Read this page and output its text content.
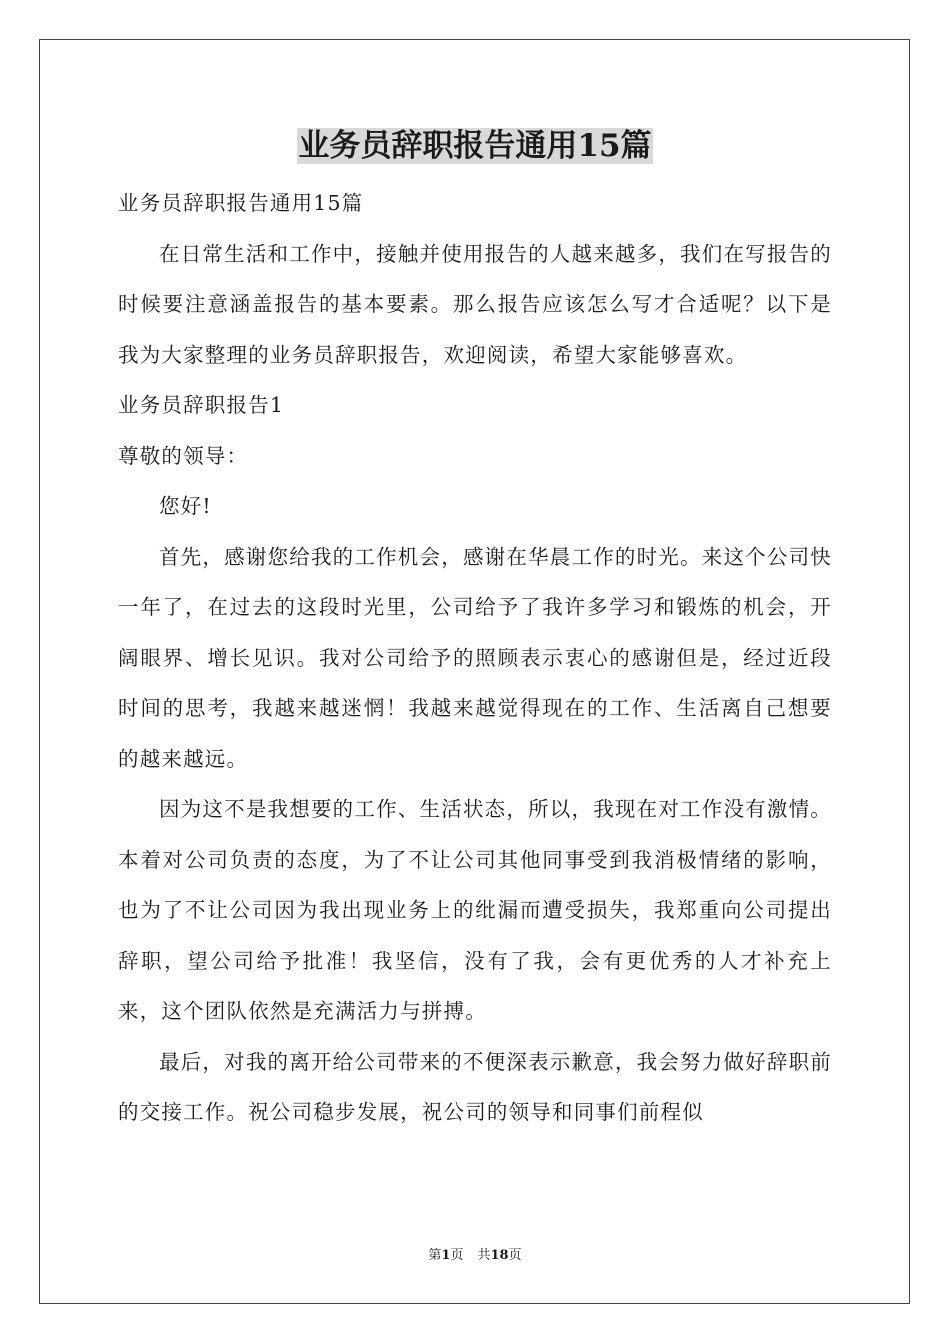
业务员辞职报告通用15篇

业务员辞职报告通用15篇

在日常生活和工作中，接触并使用报告的人越来越多，我们在写报告的时候要注意涵盖报告的基本要素。那么报告应该怎么写才合适呢？以下是我为大家整理的业务员辞职报告，欢迎阅读，希望大家能够喜欢。

业务员辞职报告1

尊敬的领导：

您好!

首先，感谢您给我的工作机会，感谢在华晨工作的时光。来这个公司快一年了，在过去的这段时光里，公司给予了我许多学习和锻炼的机会，开阔眼界、增长见识。我对公司给予的照顾表示衷心的感谢但是，经过近段时间的思考，我越来越迷惘！我越来越觉得现在的工作、生活离自己想要的越来越远。

因为这不是我想要的工作、生活状态，所以，我现在对工作没有激情。本着对公司负责的态度，为了不让公司其他同事受到我消极情绪的影响，也为了不让公司因为我出现业务上的纰漏而遭受损失，我郑重向公司提出辞职，望公司给予批准！我坚信，没有了我，会有更优秀的人才补充上来，这个团队依然是充满活力与拼搏。

最后，对我的离开给公司带来的不便深表示歉意，我会努力做好辞职前的交接工作。祝公司稳步发展，祝公司的领导和同事们前程似

第1页 共18页
